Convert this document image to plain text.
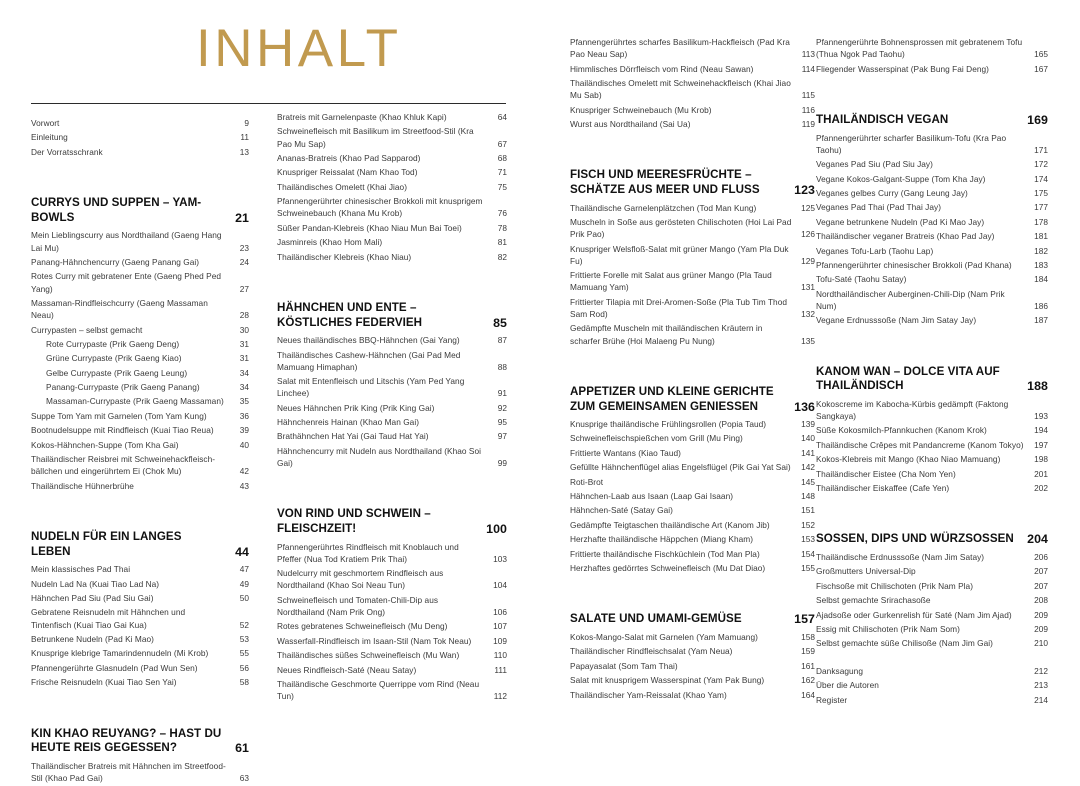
INHALT
Vorwort	9
Einleitung	11
Der Vorratsschrank	13
CURRYS UND SUPPEN – YAM-BOWLS	21
Mein Lieblingscurry aus Nordthailand (Gaeng Hang Lai Mu)	23
Panang-Hähnchencurry (Gaeng Panang Gai)	24
Rotes Curry mit gebratener Ente (Gaeng Phed Ped Yang)	27
Massaman-Rindfleischcurry (Gaeng Massaman Neau)	28
Currypasten – selbst gemacht	30
Rote Currypaste (Prik Gaeng Deng)	31
Grüne Currypaste (Prik Gaeng Kiao)	31
Gelbe Currypaste (Prik Gaeng Leung)	34
Panang-Currypaste (Prik Gaeng Panang)	34
Massaman-Currypaste (Prik Gaeng Massaman)	35
Suppe Tom Yam mit Garnelen (Tom Yam Kung)	36
Bootnudelsuppe mit Rindfleisch (Kuai Tiao Reua)	39
Kokos-Hähnchen-Suppe (Tom Kha Gai)	40
Thailändischer Reisbrei mit Schweinehackfleisch-bällchen und eingerührtem Ei (Chok Mu)	42
Thailändische Hühnerbrühe	43
NUDELN FÜR EIN LANGES LEBEN	44
Mein klassisches Pad Thai	47
Nudeln Lad Na (Kuai Tiao Lad Na)	49
Hähnchen Pad Siu (Pad Siu Gai)	50
Gebratene Reisnudeln mit Hähnchen und Tintenfisch (Kuai Tiao Gai Kua)	52
Betrunkene Nudeln (Pad Ki Mao)	53
Knusprige klebrige Tamarindennudeln (Mi Krob)	55
Pfannengerührte Glasnudeln (Pad Wun Sen)	56
Frische Reisnudeln (Kuai Tiao Sen Yai)	58
KIN KHAO REUYANG? – HAST DU HEUTE REIS GEGESSEN?	61
Thailändischer Bratreis mit Hähnchen im Streetfood-Stil (Khao Pad Gai)	63
Bratreis mit Garnelenpaste (Khao Khluk Kapi)	64
Schweinefleisch mit Basilikum im Streetfood-Stil (Kra Pao Mu Sap)	67
Ananas-Bratreis (Khao Pad Sapparod)	68
Knuspriger Reissalat (Nam Khao Tod)	71
Thailändisches Omelett (Khai Jiao)	75
Pfannengerührter chinesischer Brokkoli mit knusprigem Schweinebauch (Khana Mu Krob)	76
Süßer Pandan-Klebreis (Khao Niau Mun Bai Toei)	78
Jasminreis (Khao Hom Mali)	81
Thailändischer Klebreis (Khao Niau)	82
HÄHNCHEN UND ENTE – KÖSTLICHES FEDERVIEH	85
Neues thailändisches BBQ-Hähnchen (Gai Yang)	87
Thailändisches Cashew-Hähnchen (Gai Pad Med Mamuang Himaphan)	88
Salat mit Entenfleisch und Litschis (Yam Ped Yang Linchee)	91
Neues Hähnchen Prik King (Prik King Gai)	92
Hähnchenreis Hainan (Khao Man Gai)	95
Brathähnchen Hat Yai (Gai Taud Hat Yai)	97
Hähnchencurry mit Nudeln aus Nordthailand (Khao Soi Gai)	99
VON RIND UND SCHWEIN – FLEISCHZEIT!	100
Pfannengerührtes Rindfleisch mit Knoblauch und Pfeffer (Nua Tod Kratiem Prik Thai)	103
Nudelcurry mit geschmortem Rindfleisch aus Nordthailand (Khao Soi Neau Tun)	104
Schweinefleisch und Tomaten-Chili-Dip aus Nordthailand (Nam Prik Ong)	106
Rotes gebratenes Schweinefleisch (Mu Deng)	107
Wasserfall-Rindfleisch im Isaan-Stil (Nam Tok Neau)	109
Thailändisches süßes Schweinefleisch (Mu Wan)	110
Neues Rindfleisch-Saté (Neau Satay)	111
Thailändische Geschmorte Querrippe vom Rind (Neau Tun)	112
Pfannengerührtes scharfes Basilikum-Hackfleisch (Pad Kra Pao Neau Sap)	113
Himmlisches Dörrfleisch vom Rind (Neau Sawan)	114
Thailändisches Omelett mit Schweinehackfleisch (Khai Jiao Mu Sab)	115
Knuspriger Schweinebauch (Mu Krob)	116
Wurst aus Nordthailand (Sai Ua)	119
FISCH UND MEERESFRÜCHTE – SCHÄTZE AUS MEER UND FLUSS	123
Thailändische Garnelenplätzchen (Tod Man Kung)	125
Muscheln in Soße aus gerösteten Chilischoten (Hoi Lai Pad Prik Pao)	126
Knuspriger Welsfloß-Salat mit grüner Mango (Yam Pla Duk Fu)	129
Frittierte Forelle mit Salat aus grüner Mango (Pla Taud Mamuang Yam)	131
Frittierter Tilapia mit Drei-Aromen-Soße (Pla Tub Tim Thod Sam Rod)	132
Gedämpfte Muscheln mit thailändischen Kräutern in scharfer Brühe (Hoi Malaeng Pu Nung)	135
APPETIZER UND KLEINE GERICHTE ZUM GEMEINSAMEN GENIESSEN	136
Knusprige thailändische Frühlingsrollen (Popia Taud)	139
Schweinefleischspießchen vom Grill (Mu Ping)	140
Frittierte Wantans (Kiao Taud)	141
Gefüllte Hähnchenflügel alias Engelsflügel (Pik Gai Yat Sai)	142
Roti-Brot	145
Hähnchen-Laab aus Isaan (Laap Gai Isaan)	148
Hähnchen-Saté (Satay Gai)	151
Gedämpfte Teigtaschen thailändische Art (Kanom Jib)	152
Herzhafte thailändische Häppchen (Miang Kham)	153
Frittierte thailändische Fischküchlein (Tod Man Pla)	154
Herzhaftes gedörrtes Schweinefleisch (Mu Dat Diao)	155
SALATE UND UMAMI-GEMÜSE	157
Kokos-Mango-Salat mit Garnelen (Yam Mamuang)	158
Thailändischer Rindfleischsalat (Yam Neua)	159
Papayasalat (Som Tam Thai)	161
Salat mit knusprigem Wasserspinat (Yam Pak Bung)	162
Thailändischer Yam-Reissalat (Khao Yam)	164
Pfannengerührte Bohnensprossen mit gebratenem Tofu (Thua Ngok Pad Taohu)	165
Fliegender Wasserspinat (Pak Bung Fai Deng)	167
THAILÄNDISCH VEGAN	169
Pfannengerührter scharfer Basilikum-Tofu (Kra Pao Taohu)	171
Veganes Pad Siu (Pad Siu Jay)	172
Vegane Kokos-Galgant-Suppe (Tom Kha Jay)	174
Veganes gelbes Curry (Gang Leung Jay)	175
Veganes Pad Thai (Pad Thai Jay)	177
Vegane betrunkene Nudeln (Pad Ki Mao Jay)	178
Thailändischer veganer Bratreis (Khao Pad Jay)	181
Veganes Tofu-Larb (Taohu Lap)	182
Pfannengerührter chinesischer Brokkoli (Pad Khana)	183
Tofu-Saté (Taohu Satay)	184
Nordthailändischer Auberginen-Chili-Dip (Nam Prik Num)	186
Vegane Erdnusssoße (Nam Jim Satay Jay)	187
KANOM WAN – DOLCE VITA AUF THAILÄNDISCH	188
Kokoscreme im Kabocha-Kürbis gedämpft (Faktong Sangkaya)	193
Süße Kokosmilch-Pfannkuchen (Kanom Krok)	194
Thailändische Crêpes mit Pandancreme (Kanom Tokyo)	197
Kokos-Klebreis mit Mango (Khao Niao Mamuang)	198
Thailändischer Eistee (Cha Nom Yen)	201
Thailändischer Eiskaffee (Cafe Yen)	202
SOSSEN, DIPS UND WÜRZSOSSEN	204
Thailändische Erdnusssoße (Nam Jim Satay)	206
Großmutters Universal-Dip	207
Fischsoße mit Chilischoten (Prik Nam Pla)	207
Selbst gemachte Srirachasoße	208
Ajadsoße oder Gurkenrelish für Saté (Nam Jim Ajad)	209
Essig mit Chilischoten (Prik Nam Som)	209
Selbst gemachte süße Chilisoße (Nam Jim Gai)	210
Danksagung	212
Über die Autoren	213
Register	214
